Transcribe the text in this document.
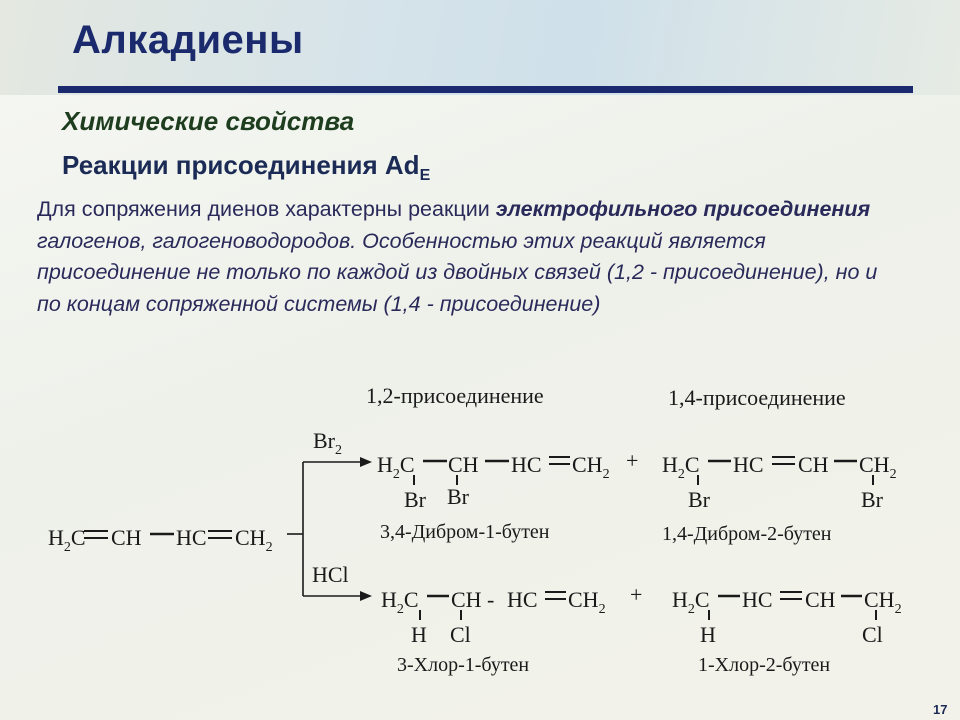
Алкадиены
Химические свойства
Реакции присоединения $Ad_E$
Для сопряжения диенов характерны реакции электрофильного присоединения галогенов, галогеноводородов. Особенностью этих реакций является присоединение не только по каждой из двойных связей (1,2 - присоединение), но и по концам сопряженной системы (1,4 - присоединение)
1,2-присоединение	1,4-присоединение
$H_2C$ CH HC $CH_2$
$Br_2$
HCl
$H_2C$ CH HC $CH_2$
Br Br
3,4-Дибром-1-бутен
+ $H_2C$ HC CH $CH_2$
Br	Br
1,4-Дибром-2-бутен
$H_2C$ CH - HC $CH_2$
H Cl
3-Хлор-1-бутен
+ $H_2C$ HC CH $CH_2$
H	Cl
1-Хлор-2-бутен
17
